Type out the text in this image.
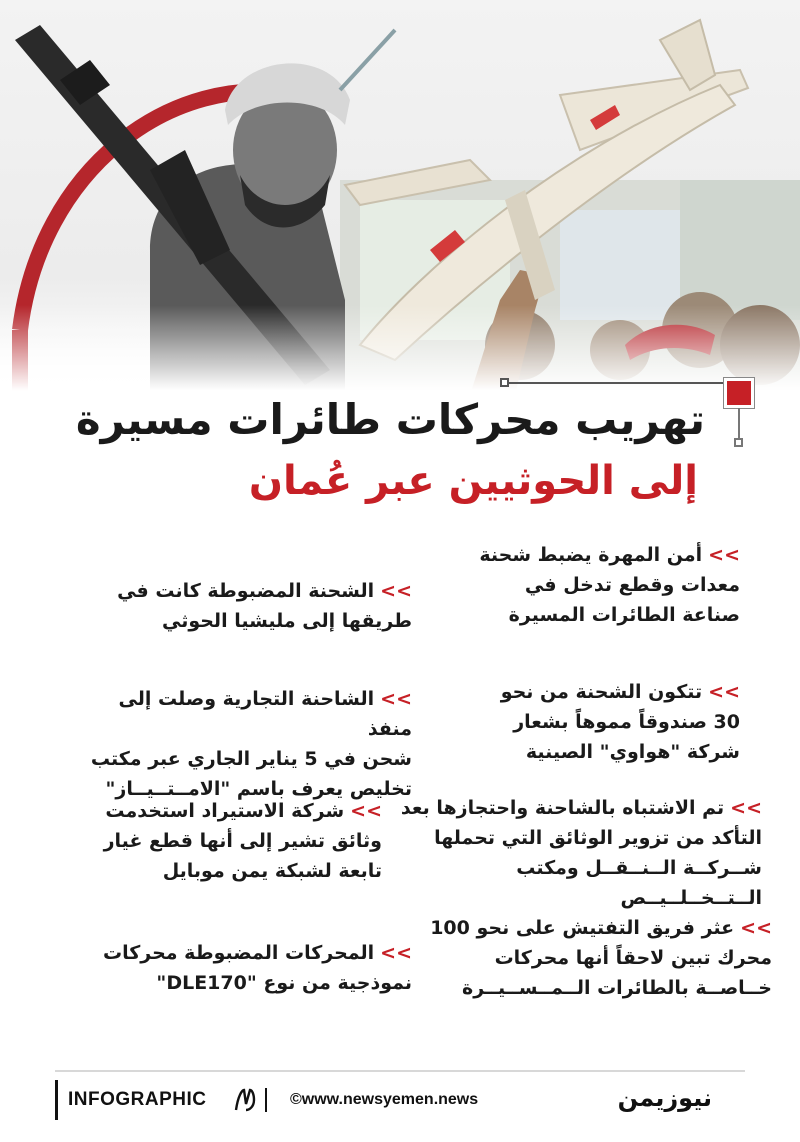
تهريب محركات طائرات مسيرة
إلى الحوثيين عبر عُمان
>>أمن المهرة يضبط شحنة
معدات وقطع تدخل في
صناعة الطائرات المسيرة
>>الشحنة المضبوطة كانت في
طريقها إلى مليشيا الحوثي
>>تتكون الشحنة من نحو
30 صندوقاً مموهاً بشعار
شركة "هواوي" الصينية
>>الشاحنة التجارية وصلت إلى منفذ
شحن في 5 يناير الجاري عبر مكتب
تخليص يعرف باسم "الامــتــيــاز"
>>تم الاشتباه بالشاحنة واحتجازها بعد
التأكد من تزوير الوثائق التي تحملها
شــركــة الــنــقــل ومكتب الــتــخــلــيــص
>>شركة الاستيراد استخدمت
وثائق تشير إلى أنها قطع غيار
تابعة لشبكة يمن موبايل
>>عثر فريق التفتيش على نحو 100
محرك تبين لاحقاً أنها محركات
خــاصــة بالطائرات الــمــســيــرة
>>المحركات المضبوطة محركات
نموذجية من نوع "DLE170"
INFOGRAPHIC	©www.newsyemen.news	نيوزيمن
